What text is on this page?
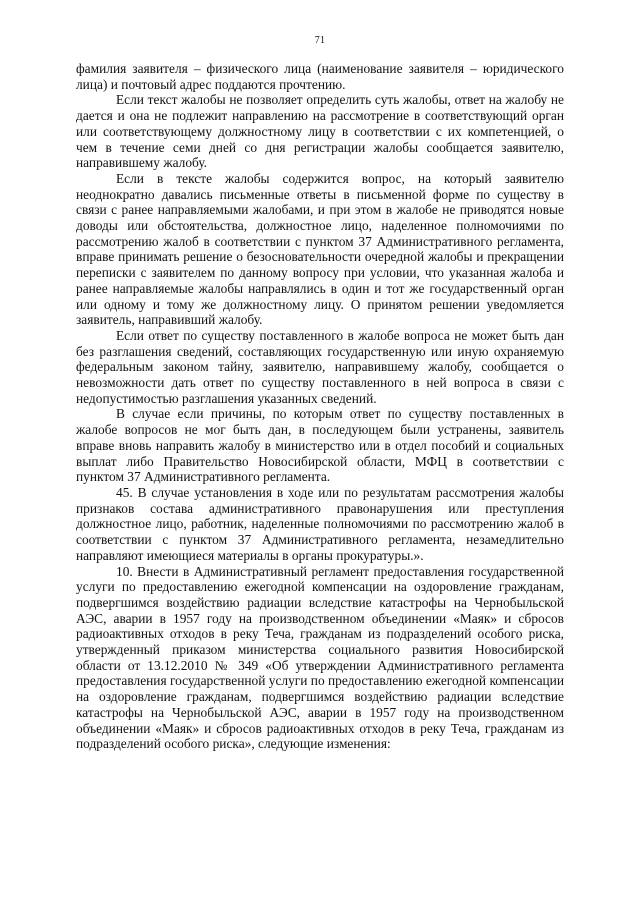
71

фамилия заявителя – физического лица (наименование заявителя – юридического лица) и почтовый адрес поддаются прочтению.

Если текст жалобы не позволяет определить суть жалобы, ответ на жалобу не дается и она не подлежит направлению на рассмотрение в соответствующий орган или соответствующему должностному лицу в соответствии с их компетенцией, о чем в течение семи дней со дня регистрации жалобы сообщается заявителю, направившему жалобу.

Если в тексте жалобы содержится вопрос, на который заявителю неоднократно давались письменные ответы в письменной форме по существу в связи с ранее направляемыми жалобами, и при этом в жалобе не приводятся новые доводы или обстоятельства, должностное лицо, наделенное полномочиями по рассмотрению жалоб в соответствии с пунктом 37 Административного регламента, вправе принимать решение о безосновательности очередной жалобы и прекращении переписки с заявителем по данному вопросу при условии, что указанная жалоба и ранее направляемые жалобы направлялись в один и тот же государственный орган или одному и тому же должностному лицу. О принятом решении уведомляется заявитель, направивший жалобу.

Если ответ по существу поставленного в жалобе вопроса не может быть дан без разглашения сведений, составляющих государственную или иную охраняемую федеральным законом тайну, заявителю, направившему жалобу, сообщается о невозможности дать ответ по существу поставленного в ней вопроса в связи с недопустимостью разглашения указанных сведений.

В случае если причины, по которым ответ по существу поставленных в жалобе вопросов не мог быть дан, в последующем были устранены, заявитель вправе вновь направить жалобу в министерство или в отдел пособий и социальных выплат либо Правительство Новосибирской области, МФЦ в соответствии с пунктом 37 Административного регламента.

45. В случае установления в ходе или по результатам рассмотрения жалобы признаков состава административного правонарушения или преступления должностное лицо, работник, наделенные полномочиями по рассмотрению жалоб в соответствии с пунктом 37 Административного регламента, незамедлительно направляют имеющиеся материалы в органы прокуратуры.».

10. Внести в Административный регламент предоставления государственной услуги по предоставлению ежегодной компенсации на оздоровление гражданам, подвергшимся воздействию радиации вследствие катастрофы на Чернобыльской АЭС, аварии в 1957 году на производственном объединении «Маяк» и сбросов радиоактивных отходов в реку Теча, гражданам из подразделений особого риска, утвержденный приказом министерства социального развития Новосибирской области от 13.12.2010 № 349 «Об утверждении Административного регламента предоставления государственной услуги по предоставлению ежегодной компенсации на оздоровление гражданам, подвергшимся воздействию радиации вследствие катастрофы на Чернобыльской АЭС, аварии в 1957 году на производственном объединении «Маяк» и сбросов радиоактивных отходов в реку Теча, гражданам из подразделений особого риска», следующие изменения:
